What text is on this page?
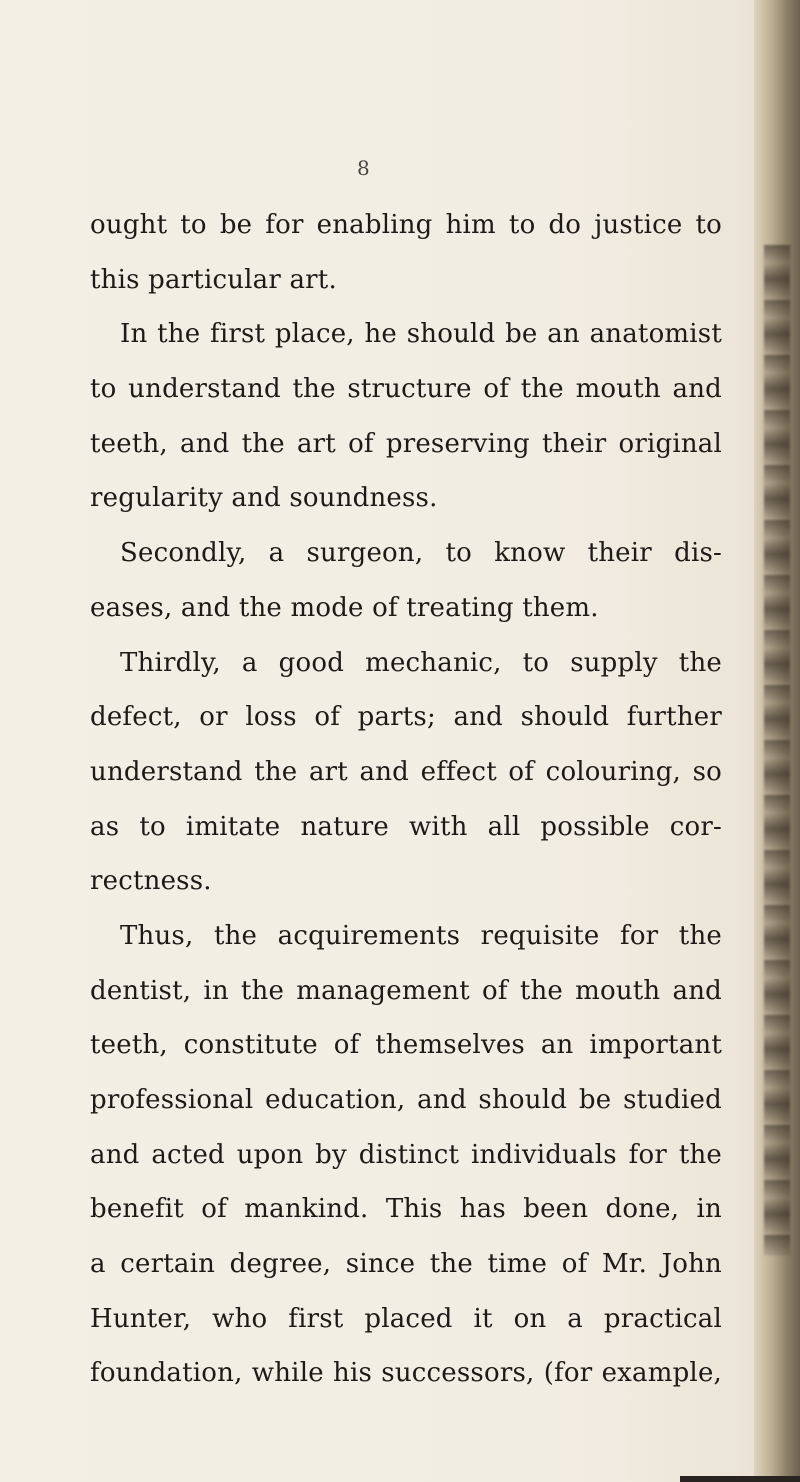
8
ought to be for enabling him to do justice to
this particular art.
In the first place, he should be an anatomist
to understand the structure of the mouth and
teeth, and the art of preserving their original
regularity and soundness.
Secondly, a surgeon, to know their dis-
eases, and the mode of treating them.
Thirdly, a good mechanic, to supply the
defect, or loss of parts; and should further
understand the art and effect of colouring, so
as to imitate nature with all possible cor-
rectness.
Thus, the acquirements requisite for the
dentist, in the management of the mouth and
teeth, constitute of themselves an important
professional education, and should be studied
and acted upon by distinct individuals for the
benefit of mankind. This has been done, in
a certain degree, since the time of Mr. John
Hunter, who first placed it on a practical
foundation, while his successors, (for example,
